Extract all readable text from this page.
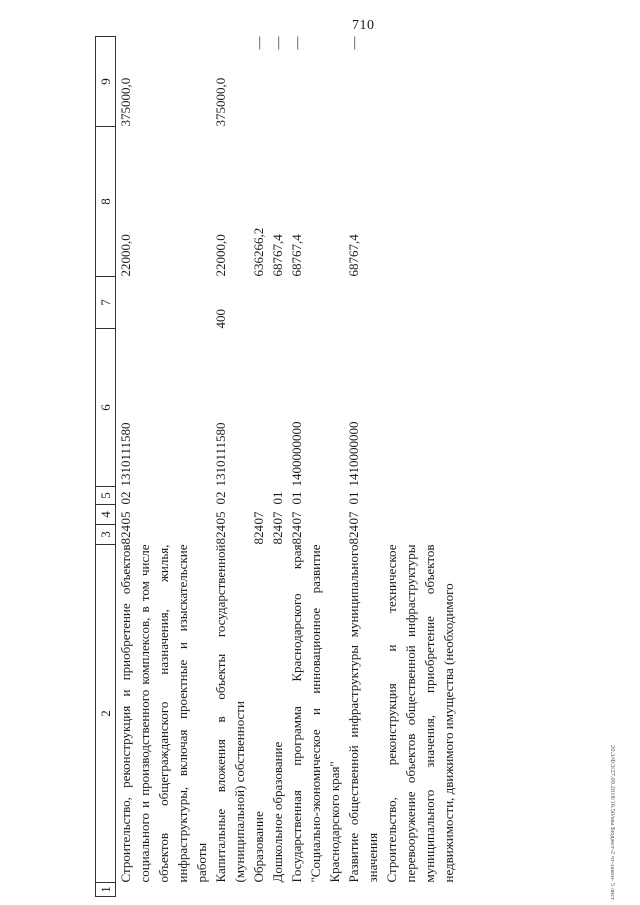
710
20.3/ФЭ/27.09.2018/16.50/мы Бюджет-2 чт-закон- 5 лист
1	2	3	4	5	6	7	8	9
	Строительство, реконструкция и приобретение объектов социального и производственного комплексов, в том числе объектов общегражданского назначения, жилья, инфраструктуры, включая проектные и изыскательские работы	824	05	02	1310111580		22000,0	375000,0
	Капитальные вложения в объекты государственной (муниципальной) собственности	824	05	02	1310111580	400	22000,0	375000,0
	Образование	824	07				636266,2	—
	Дошкольное образование	824	07	01			68767,4	—
	Государственная программа Краснодарского края "Социально-экономическое и инновационное развитие Краснодарского края"	824	07	01	1400000000		68767,4	—
	Развитие общественной инфраструктуры муниципального значения	824	07	01	1410000000		68767,4	—
	Строительство, реконструкция и техническое перевооружение объектов общественной инфраструктуры муниципального значения, приобретение объектов недвижимости, движимого имущества (необходимого							
